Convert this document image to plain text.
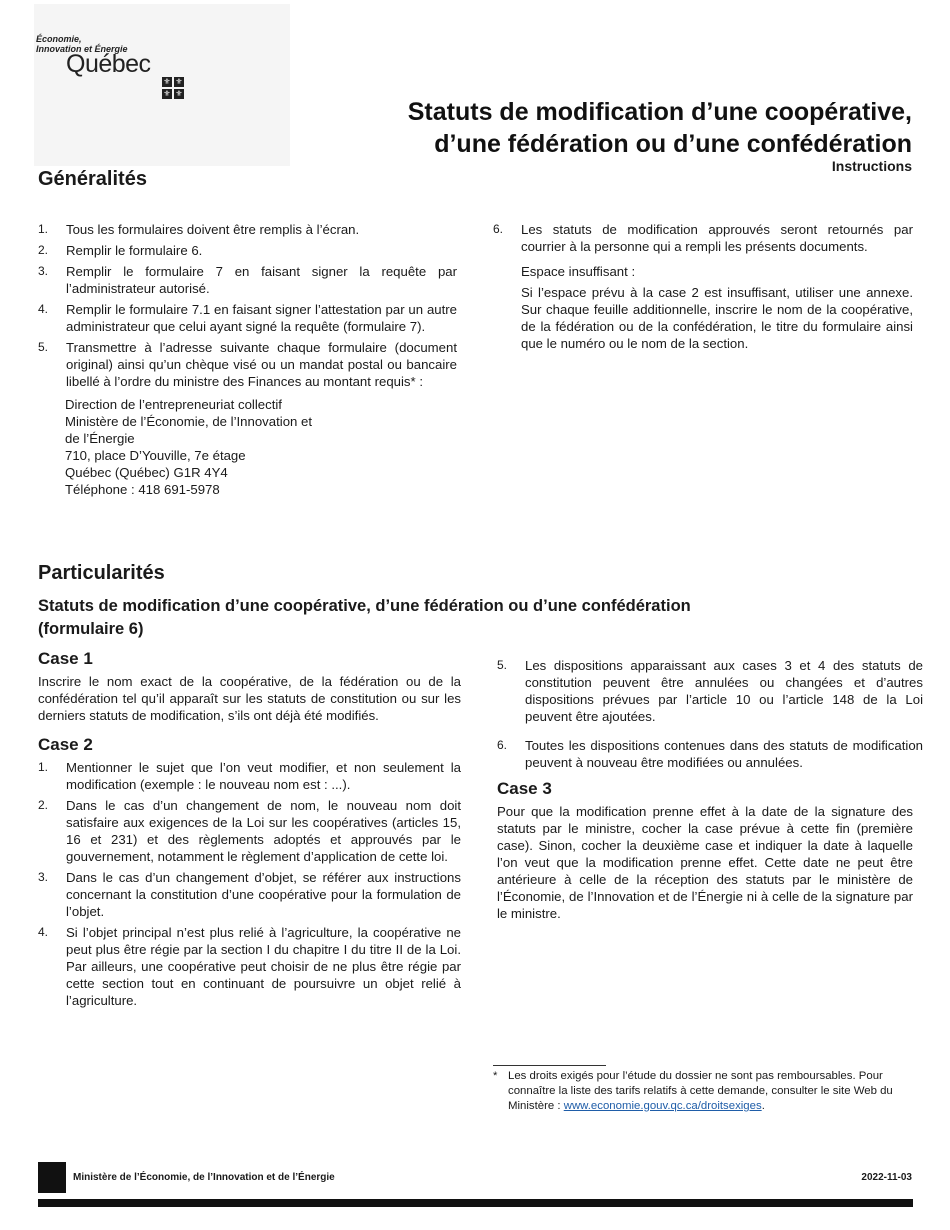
Économie,
Innovation et Énergie
Québec
⚜ ⚜
⚜ ⚜
Statuts de modification d’une coopérative,
d’une fédération ou d’une confédération
Instructions
Généralités
1. Tous les formulaires doivent être remplis à l’écran.
2. Remplir le formulaire 6.
3. Remplir le formulaire 7 en faisant signer la requête par l’administrateur autorisé.
4. Remplir le formulaire 7.1 en faisant signer l’attestation par un autre administrateur que celui ayant signé la requête (formulaire 7).
5. Transmettre à l’adresse suivante chaque formulaire (document original) ainsi qu’un chèque visé ou un mandat postal ou bancaire libellé à l’ordre du ministre des Finances au montant requis* :
Direction de l’entrepreneuriat collectif
Ministère de l’Économie, de l’Innovation et
de l’Énergie
710, place D’Youville, 7e étage
Québec (Québec) G1R 4Y4
Téléphone : 418 691-5978
6. Les statuts de modification approuvés seront retournés par courrier à la personne qui a rempli les présents documents.
Espace insuffisant :
Si l’espace prévu à la case 2 est insuffisant, utiliser une annexe. Sur chaque feuille additionnelle, inscrire le nom de la coopérative, de la fédération ou de la confédération, le titre du formulaire ainsi que le numéro ou le nom de la section.
Particularités
Statuts de modification d’une coopérative, d’une fédération ou d’une confédération
(formulaire 6)
Case 1
Inscrire le nom exact de la coopérative, de la fédération ou de la confédération tel qu’il apparaît sur les statuts de constitution ou sur les derniers statuts de modification, s’ils ont déjà été modifiés.
Case 2
1. Mentionner le sujet que l’on veut modifier, et non seulement la modification (exemple : le nouveau nom est : ...).
2. Dans le cas d’un changement de nom, le nouveau nom doit satisfaire aux exigences de la Loi sur les coopératives (articles 15, 16 et 231) et des règlements adoptés et approuvés par le gouvernement, notamment le règlement d’application de cette loi.
3. Dans le cas d’un changement d’objet, se référer aux instructions concernant la constitution d’une coopérative pour la formulation de l’objet.
4. Si l’objet principal n’est plus relié à l’agriculture, la coopérative ne peut plus être régie par la section I du chapitre I du titre II de la Loi. Par ailleurs, une coopérative peut choisir de ne plus être régie par cette section tout en continuant de poursuivre un objet relié à l’agriculture.
5. Les dispositions apparaissant aux cases 3 et 4 des statuts de constitution peuvent être annulées ou changées et d’autres dispositions prévues par l’article 10 ou l’article 148 de la Loi peuvent être ajoutées.
6. Toutes les dispositions contenues dans des statuts de modification peuvent à nouveau être modifiées ou annulées.
Case 3
Pour que la modification prenne effet à la date de la signature des statuts par le ministre, cocher la case prévue à cette fin (première case). Sinon, cocher la deuxième case et indiquer la date à laquelle l’on veut que la modification prenne effet. Cette date ne peut être antérieure à celle de la réception des statuts par le ministère de l’Économie, de l’Innovation et de l’Énergie ni à celle de la signature par le ministre.
* Les droits exigés pour l’étude du dossier ne sont pas remboursables. Pour connaître la liste des tarifs relatifs à cette demande, consulter le site Web du Ministère : www.economie.gouv.qc.ca/droitsexiges.
Ministère de l’Économie, de l’Innovation et de l’Énergie	2022-11-03
